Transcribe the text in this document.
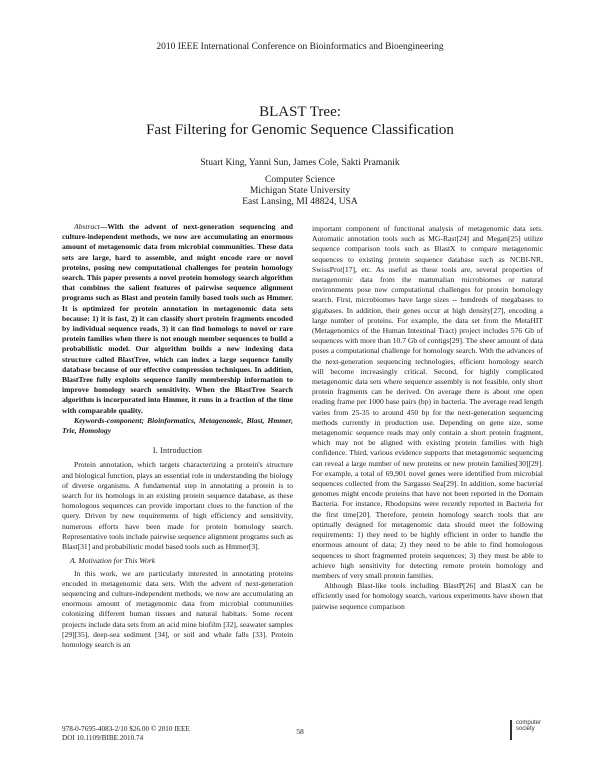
2010 IEEE International Conference on Bioinformatics and Bioengineering
BLAST Tree:
Fast Filtering for Genomic Sequence Classification
Stuart King, Yanni Sun, James Cole, Sakti Pramanik
Computer Science
Michigan State University
East Lansing, MI 48824, USA

Abstract—With the advent of next-generation sequencing and culture-independent methods, we now are accumulating an enormous amount of metagenomic data from microbial communities. These data sets are large, hard to assemble, and might encode rare or novel proteins, posing new computational challenges for protein homology search. This paper presents a novel protein homology search algorithm that combines the salient features of pairwise sequence alignment programs such as Blast and protein family based tools such as Hmmer. It is optimized for protein annotation in metagenomic data sets because: 1) it is fast, 2) it can classify short protein fragments encoded by individual sequence reads, 3) it can find homologs to novel or rare protein families when there is not enough member sequences to build a probabilistic model. Our algorithm builds a new indexing data structure called BlastTree, which can index a large sequence family database because of our effective compression techniques. In addition, BlastTree fully exploits sequence family membership information to improve homology search sensitivity. When the BlastTree Search algorithm is incorporated into Hmmer, it runs in a fraction of the time with comparable quality.

Keywords-component; Bioinformatics, Metagenomic, Blast, Hmmer, Trie, Homology

I. Introduction

Protein annotation, which targets characterizing a protein's structure and biological function, plays an essential role in understanding the biology of diverse organisms. A fundamental step in annotating a protein is to search for its homologs in an existing protein sequence database, as these homologous sequences can provide important clues to the function of the query. Driven by new requirements of high efficiency and sensitivity, numerous efforts have been made for protein homology search. Representative tools include pairwise sequence alignment programs such as Blast[31] and probabilistic model based tools such as Hmmer[3].

A. Motivation for This Work

In this work, we are particularly interested in annotating proteins encoded in metagenomic data sets. With the advent of next-generation sequencing and culture-independent methods, we now are accumulating an enormous amount of metagenomic data from microbial communities colonizing different human tissues and natural habitats. Some recent projects include data sets from an acid mine biofilm [32], seawater samples [29][35], deep-sea sediment [34], or soil and whale falls [33]. Protein homology search is an

important component of functional analysis of metagenomic data sets. Automatic annotation tools such as MG-Rast[24] and Megan[25] utilize sequence comparison tools such as BlastX to compare metagenomic sequences to existing protein sequence database such as NCBI-NR, SwissProt[17], etc. As useful as these tools are, several properties of metagenomic data from the mammalian microbiomes or natural environments pose new computational challenges for protein homology search. First, microbiomes have large sizes -- hundreds of megabases to gigabases. In addition, their genes occur at high density[27], encoding a large number of proteins. For example, the data set from the MetaHIT (Metagenomics of the Human Intestinal Tract) project includes 576 Gb of sequences with more than 10.7 Gb of contigs[29]. The sheer amount of data poses a computational challenge for homology search. With the advances of the next-generation sequencing technologies, efficient homology search will become increasingly critical. Second, for highly complicated metagenomic data sets where sequence assembly is not feasible, only short protein fragments can be derived. On average there is about one open reading frame per 1000 base pairs (bp) in bacteria. The average read length varies from 25-35 to around 450 bp for the next-generation sequencing methods currently in production use. Depending on gene size, some metagenomic sequence reads may only contain a short protein fragment, which may not be aligned with existing protein families with high confidence. Third, various evidence supports that metagenomic sequencing can reveal a large number of new proteins or new protein families[30][29]. For example, a total of 69,901 novel genes were identified from microbial sequences collected from the Sargasso Sea[29]. In addition, some bacterial genomes might encode proteins that have not been reported in the Domain Bacteria. For instance, Rhodopsins were recently reported in Bacteria for the first time[20]. Therefore, protein homology search tools that are optimally designed for metagenomic data should meet the following requirements: 1) they need to be highly efficient in order to handle the enormous amount of data; 2) they need to be able to find homologous sequences to short fragmented protein sequences; 3) they must be able to achieve high sensitivity for detecting remote protein homology and members of very small protein families.

Although Blast-like tools including BlastP[26] and BlastX can be efficiently used for homology search, various experiments have shown that pairwise sequence comparison

978-0-7695-4083-2/10 $26.00 © 2010 IEEE
DOI 10.1109/BIBE.2010.74
58
computer
society
